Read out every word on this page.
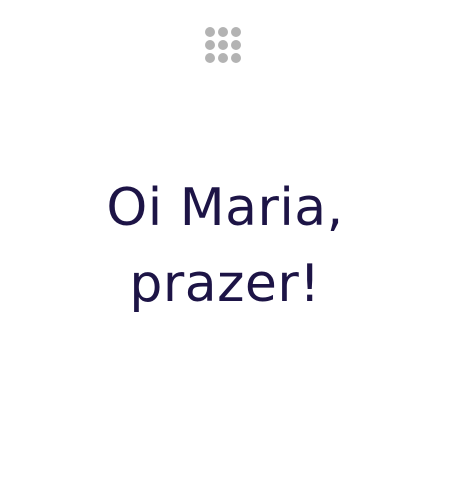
Oi Maria,
prazer!
